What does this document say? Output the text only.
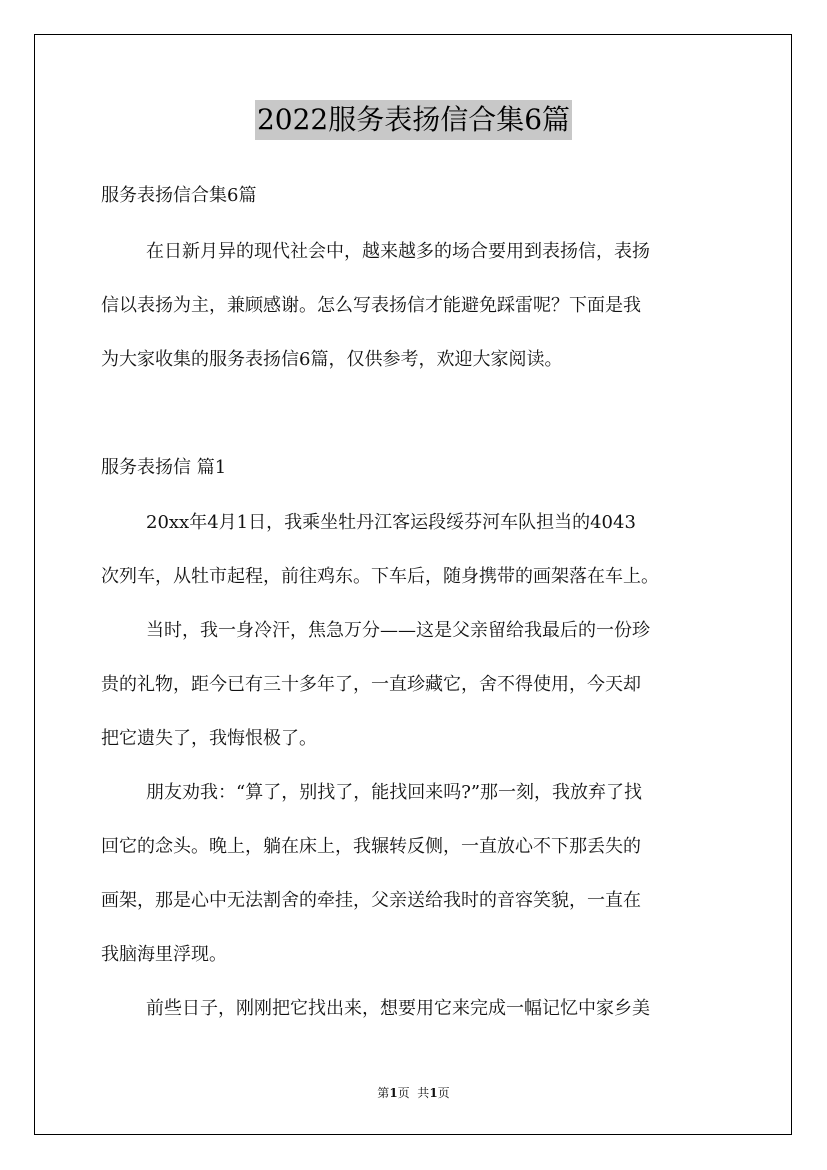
2022服务表扬信合集6篇
服务表扬信合集6篇
在日新月异的现代社会中，越来越多的场合要用到表扬信，表扬
信以表扬为主，兼顾感谢。怎么写表扬信才能避免踩雷呢？下面是我
为大家收集的服务表扬信6篇，仅供参考，欢迎大家阅读。
服务表扬信 篇1
20xx年4月1日，我乘坐牡丹江客运段绥芬河车队担当的4043
次列车，从牡市起程，前往鸡东。下车后，随身携带的画架落在车上。
当时，我一身冷汗，焦急万分——这是父亲留给我最后的一份珍
贵的礼物，距今已有三十多年了，一直珍藏它，舍不得使用，今天却
把它遗失了，我悔恨极了。
朋友劝我：“算了，别找了，能找回来吗?”那一刻，我放弃了找
回它的念头。晚上，躺在床上，我辗转反侧，一直放心不下那丢失的
画架，那是心中无法割舍的牵挂，父亲送给我时的音容笑貌，一直在
我脑海里浮现。
前些日子，刚刚把它找出来，想要用它来完成一幅记忆中家乡美
第1页  共1页
